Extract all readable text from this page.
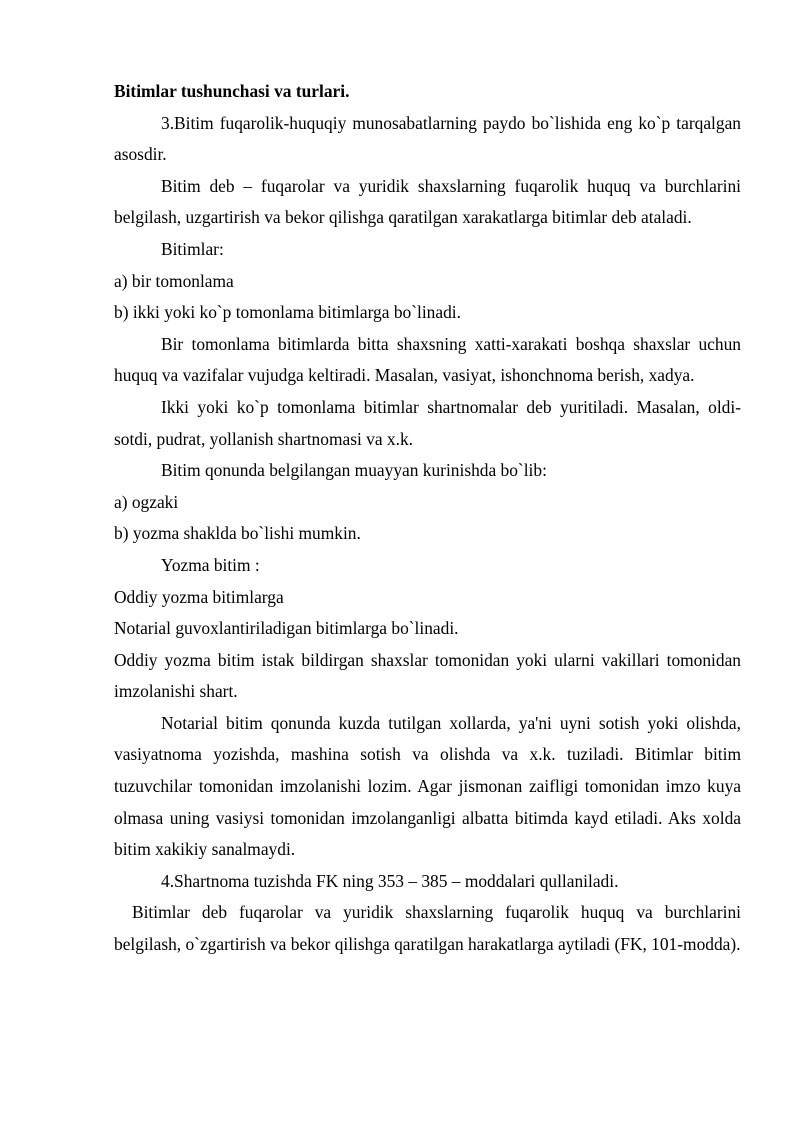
Bitimlar tushunchasi va turlari.

3.Bitim fuqarolik-huquqiy munosabatlarning paydo bo`lishida eng ko`p tarqalgan asosdir.

Bitim deb – fuqarolar va yuridik shaxslarning fuqarolik huquq va burchlarini belgilash, uzgartirish va bekor qilishga qaratilgan xarakatlarga bitimlar deb ataladi.

Bitimlar:

a) bir tomonlama

b) ikki yoki ko`p tomonlama bitimlarga bo`linadi.

Bir tomonlama bitimlarda bitta shaxsning xatti-xarakati boshqa shaxslar uchun huquq va vazifalar vujudga keltiradi. Masalan, vasiyat, ishonchnoma berish, xadya.

Ikki yoki ko`p tomonlama bitimlar shartnomalar deb yuritiladi. Masalan, oldi-sotdi, pudrat, yollanish shartnomasi va x.k.

Bitim qonunda belgilangan muayyan kurinishda bo`lib:

a) ogzaki

b) yozma shaklda bo`lishi mumkin.

Yozma bitim :

Oddiy yozma bitimlarga

Notarial guvoxlantiriladigan bitimlarga bo`linadi.

Oddiy yozma bitim istak bildirgan shaxslar tomonidan yoki ularni vakillari tomonidan imzolanishi shart.

Notarial bitim qonunda kuzda tutilgan xollarda, ya'ni uyni sotish yoki olishda, vasiyatnoma yozishda, mashina sotish va olishda va x.k. tuziladi. Bitimlar bitim tuzuvchilar tomonidan imzolanishi lozim. Agar jismonan zaifligi tomonidan imzo kuya olmasa uning vasiysi tomonidan imzolanganligi albatta bitimda kayd etiladi. Aks xolda bitim xakikiy sanalmaydi.

4.Shartnoma tuzishda FK ning 353 – 385 – moddalari qullaniladi.

Bitimlar deb fuqarolar va yuridik shaxslarning fuqarolik huquq va burchlarini belgilash, o`zgartirish va bekor qilishga qaratilgan harakatlarga aytiladi (FK, 101-modda).
